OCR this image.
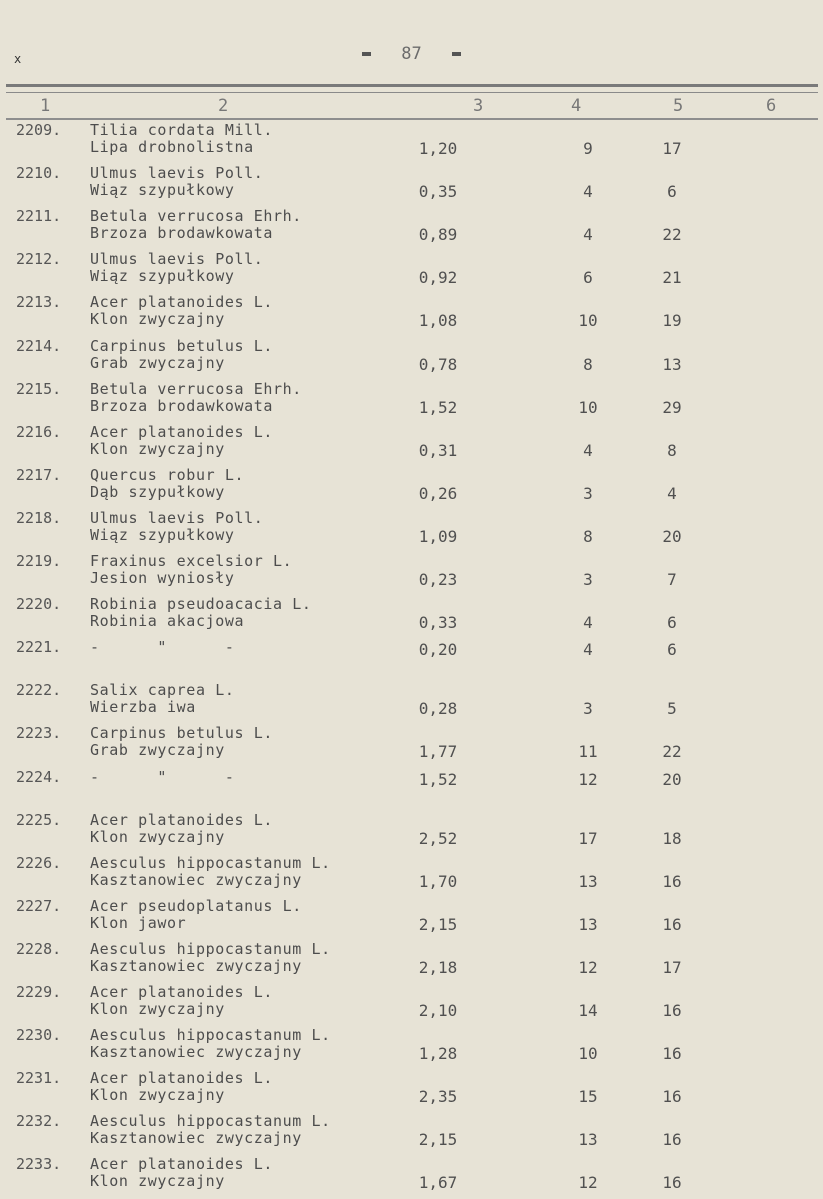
x	87
1	2	3	4	5	6
2209.	Tilia cordata Mill.
Lipa drobnolistna	1,20	9	17
2210.	Ulmus laevis Poll.
Wiąz szypułkowy	0,35	4	6
2211.	Betula verrucosa Ehrh.
Brzoza brodawkowata	0,89	4	22
2212.	Ulmus laevis Poll.
Wiąz szypułkowy	0,92	6	21
2213.	Acer platanoides L.
Klon zwyczajny	1,08	10	19
2214.	Carpinus betulus L.
Grab zwyczajny	0,78	8	13
2215.	Betula verrucosa Ehrh.
Brzoza brodawkowata	1,52	10	29
2216.	Acer platanoides L.
Klon zwyczajny	0,31	4	8
2217.	Quercus robur L.
Dąb szypułkowy	0,26	3	4
2218.	Ulmus laevis Poll.
Wiąz szypułkowy	1,09	8	20
2219.	Fraxinus excelsior L.
Jesion wyniosły	0,23	3	7
2220.	Robinia pseudoacacia L.
Robinia akacjowa	0,33	4	6
2221.	-      "      -	0,20	4	6
2222.	Salix caprea L.
Wierzba iwa	0,28	3	5
2223.	Carpinus betulus L.
Grab zwyczajny	1,77	11	22
2224.	-      "      -	1,52	12	20
2225.	Acer platanoides L.
Klon zwyczajny	2,52	17	18
2226.	Aesculus hippocastanum L.
Kasztanowiec zwyczajny	1,70	13	16
2227.	Acer pseudoplatanus L.
Klon jawor	2,15	13	16
2228.	Aesculus hippocastanum L.
Kasztanowiec zwyczajny	2,18	12	17
2229.	Acer platanoides L.
Klon zwyczajny	2,10	14	16
2230.	Aesculus hippocastanum L.
Kasztanowiec zwyczajny	1,28	10	16
2231.	Acer platanoides L.
Klon zwyczajny	2,35	15	16
2232.	Aesculus hippocastanum L.
Kasztanowiec zwyczajny	2,15	13	16
2233.	Acer platanoides L.
Klon zwyczajny	1,67	12	16
